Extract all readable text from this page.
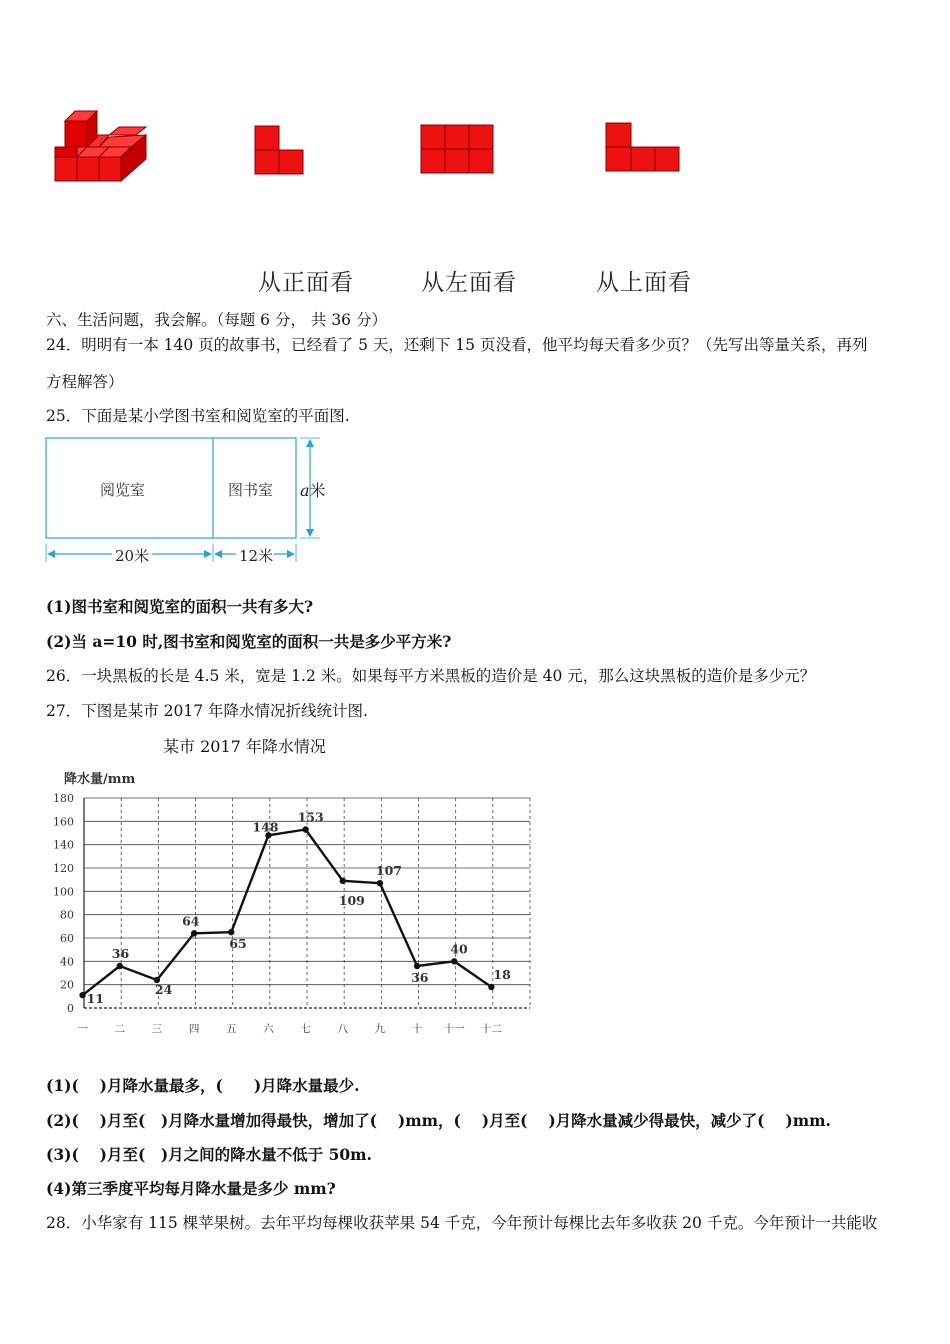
从正面看	从左面看	从上面看
六、生活问题，我会解。（每题 6 分， 共 36 分）
24．明明有一本 140 页的故事书，已经看了 5 天，还剩下 15 页没看，他平均每天看多少页？（先写出等量关系，再列
方程解答）
25．下面是某小学图书室和阅览室的平面图.
阅览室	图书室 a米
20米	12米
(1)图书室和阅览室的面积一共有多大?
(2)当 a=10 时,图书室和阅览室的面积一共是多少平方米?
26．一块黑板的长是 4.5 米，宽是 1.2 米。如果每平方米黑板的造价是 40 元，那么这块黑板的造价是多少元？
27．下图是某市 2017 年降水情况折线统计图.
某市 2017 年降水情况
降水量/mm
0
20
40
60
80
100
120
140
160
180
一	二	三	四	五	六	七	八	九	十 十一 十二
11
36
24
64
65
148
153
109
107
36
40
18
(1)(　 )月降水量最多，(　　)月降水量最少.
(2)(　 )月至(　)月降水量增加得最快，增加了(　 )mm，(　 )月至(　 )月降水量减少得最快，减少了(　 )mm.
(3)(　 )月至(　)月之间的降水量不低于 50m.
(4)第三季度平均每月降水量是多少 mm?
28．小华家有 115 棵苹果树。去年平均每棵收获苹果 54 千克，今年预计每棵比去年多收获 20 千克。今年预计一共能收
